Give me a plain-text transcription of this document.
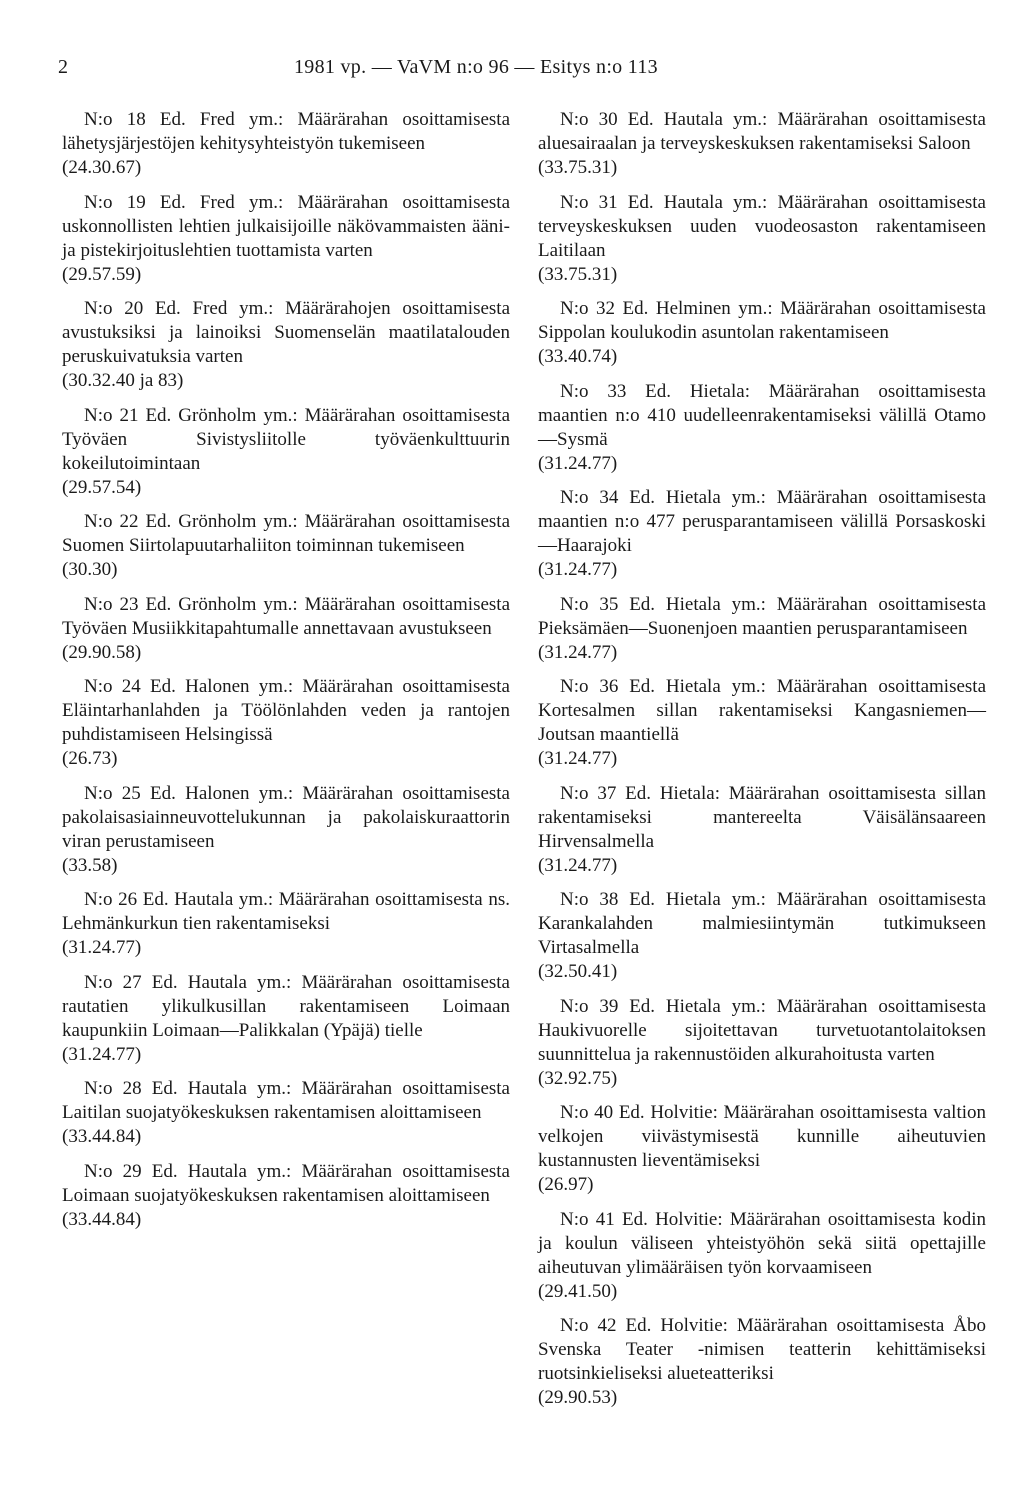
2	1981 vp. — VaVM n:o 96 — Esitys n:o 113
N:o 18 Ed. Fred ym.: Määrärahan osoittamisesta lähetysjärjestöjen kehitysyhteistyön tukemiseen
(24.30.67)
N:o 19 Ed. Fred ym.: Määrärahan osoittamisesta uskonnollisten lehtien julkaisijoille näkövammaisten ääni- ja pistekirjoituslehtien tuottamista varten
(29.57.59)
N:o 20 Ed. Fred ym.: Määrärahojen osoittamisesta avustuksiksi ja lainoiksi Suomenselän maatilatalouden peruskuivatuksia varten
(30.32.40 ja 83)
N:o 21 Ed. Grönholm ym.: Määrärahan osoittamisesta Työväen Sivistysliitolle työväenkulttuurin kokeilutoimintaan
(29.57.54)
N:o 22 Ed. Grönholm ym.: Määrärahan osoittamisesta Suomen Siirtolapuutarhaliiton toiminnan tukemiseen
(30.30)
N:o 23 Ed. Grönholm ym.: Määrärahan osoittamisesta Työväen Musiikkitapahtumalle annettavaan avustukseen
(29.90.58)
N:o 24 Ed. Halonen ym.: Määrärahan osoittamisesta Eläintarhanlahden ja Töölönlahden veden ja rantojen puhdistamiseen Helsingissä
(26.73)
N:o 25 Ed. Halonen ym.: Määrärahan osoittamisesta pakolaisasiainneuvottelukunnan ja pakolaiskuraattorin viran perustamiseen
(33.58)
N:o 26 Ed. Hautala ym.: Määrärahan osoittamisesta ns. Lehmänkurkun tien rakentamiseksi
(31.24.77)
N:o 27 Ed. Hautala ym.: Määrärahan osoittamisesta rautatien ylikulkusillan rakentamiseen Loimaan kaupunkiin Loimaan—Palikkalan (Ypäjä) tielle
(31.24.77)
N:o 28 Ed. Hautala ym.: Määrärahan osoittamisesta Laitilan suojatyökeskuksen rakentamisen aloittamiseen
(33.44.84)
N:o 29 Ed. Hautala ym.: Määrärahan osoittamisesta Loimaan suojatyökeskuksen rakentamisen aloittamiseen
(33.44.84)
N:o 30 Ed. Hautala ym.: Määrärahan osoittamisesta aluesairaalan ja terveyskeskuksen rakentamiseksi Saloon
(33.75.31)
N:o 31 Ed. Hautala ym.: Määrärahan osoittamisesta terveyskeskuksen uuden vuodeosaston rakentamiseen Laitilaan
(33.75.31)
N:o 32 Ed. Helminen ym.: Määrärahan osoittamisesta Sippolan koulukodin asuntolan rakentamiseen
(33.40.74)
N:o 33 Ed. Hietala: Määrärahan osoittamisesta maantien n:o 410 uudelleenrakentamiseksi välillä Otamo—Sysmä
(31.24.77)
N:o 34 Ed. Hietala ym.: Määrärahan osoittamisesta maantien n:o 477 perusparantamiseen välillä Porsaskoski—Haarajoki
(31.24.77)
N:o 35 Ed. Hietala ym.: Määrärahan osoittamisesta Pieksämäen—Suonenjoen maantien perusparantamiseen
(31.24.77)
N:o 36 Ed. Hietala ym.: Määrärahan osoittamisesta Kortesalmen sillan rakentamiseksi Kangasniemen—Joutsan maantiellä
(31.24.77)
N:o 37 Ed. Hietala: Määrärahan osoittamisesta sillan rakentamiseksi mantereelta Väisälänsaareen Hirvensalmella
(31.24.77)
N:o 38 Ed. Hietala ym.: Määrärahan osoittamisesta Karankalahden malmiesiintymän tutkimukseen Virtasalmella
(32.50.41)
N:o 39 Ed. Hietala ym.: Määrärahan osoittamisesta Haukivuorelle sijoitettavan turvetuotantolaitoksen suunnittelua ja rakennustöiden alkurahoitusta varten
(32.92.75)
N:o 40 Ed. Holvitie: Määrärahan osoittamisesta valtion velkojen viivästymisestä kunnille aiheutuvien kustannusten lieventämiseksi
(26.97)
N:o 41 Ed. Holvitie: Määrärahan osoittamisesta kodin ja koulun väliseen yhteistyöhön sekä siitä opettajille aiheutuvan ylimääräisen työn korvaamiseen
(29.41.50)
N:o 42 Ed. Holvitie: Määrärahan osoittamisesta Åbo Svenska Teater -nimisen teatterin kehittämiseksi ruotsinkieliseksi alueteatteriksi
(29.90.53)
